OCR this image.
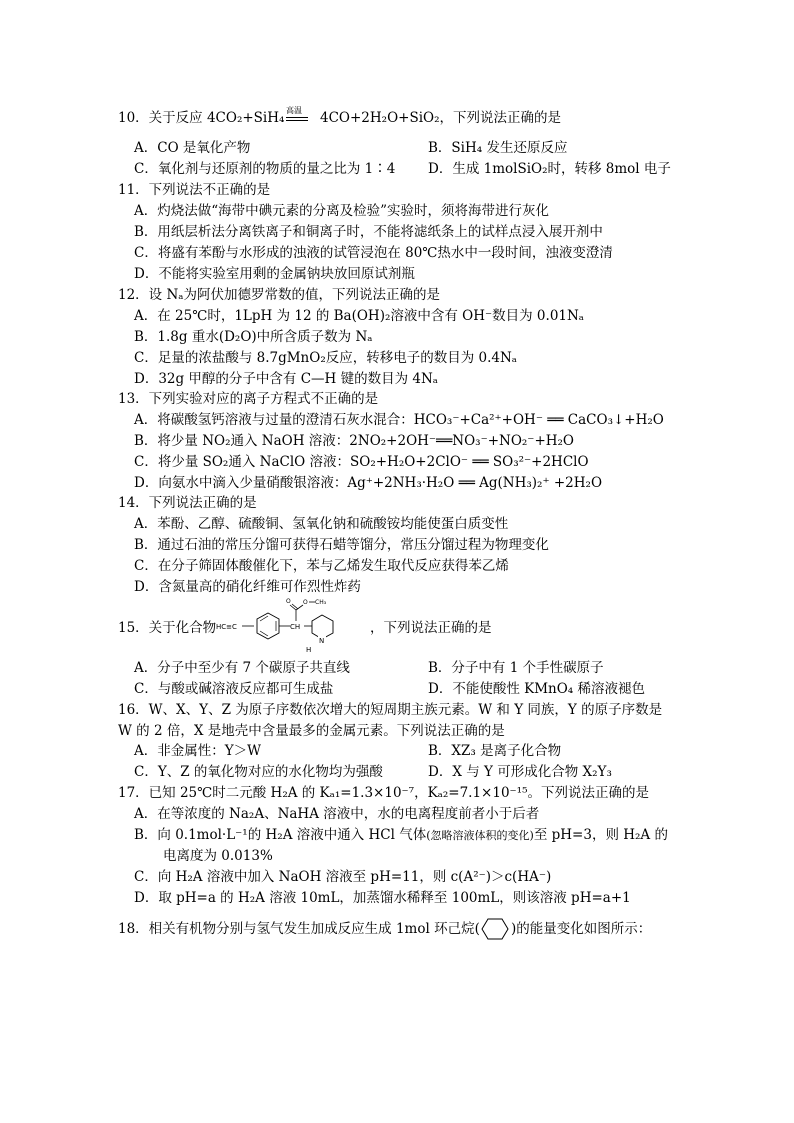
10．关于反应 4CO₂+SiH₄ 高温 4CO+2H₂O+SiO₂，下列说法正确的是
A．CO 是氧化产物	B．SiH₄ 发生还原反应
C．氧化剂与还原剂的物质的量之比为 1∶4 D．生成 1molSiO₂时，转移 8mol 电子
11．下列说法不正确的是
A．灼烧法做“海带中碘元素的分离及检验”实验时，须将海带进行灰化
B．用纸层析法分离铁离子和铜离子时，不能将滤纸条上的试样点浸入展开剂中
C．将盛有苯酚与水形成的浊液的试管浸泡在 80℃热水中一段时间，浊液变澄清
D．不能将实验室用剩的金属钠块放回原试剂瓶
12．设 Nₐ为阿伏加德罗常数的值，下列说法正确的是
A．在 25℃时，1LpH 为 12 的 Ba(OH)₂溶液中含有 OH⁻数目为 0.01Nₐ
B．1.8g 重水(D₂O)中所含质子数为 Nₐ
C．足量的浓盐酸与 8.7gMnO₂反应，转移电子的数目为 0.4Nₐ
D．32g 甲醇的分子中含有 C—H 键的数目为 4Nₐ
13．下列实验对应的离子方程式不正确的是
A．将碳酸氢钙溶液与过量的澄清石灰水混合：HCO₃⁻+Ca²⁺+OH⁻ ══ CaCO₃↓+H₂O
B．将少量 NO₂通入 NaOH 溶液：2NO₂+2OH⁻══NO₃⁻+NO₂⁻+H₂O
C．将少量 SO₂通入 NaClO 溶液：SO₂+H₂O+2ClO⁻ ══ SO₃²⁻+2HClO
D．向氨水中滴入少量硝酸银溶液：Ag⁺+2NH₃·H₂O ══ Ag(NH₃)₂⁺ +2H₂O
14．下列说法正确的是
A．苯酚、乙醇、硫酸铜、氢氧化钠和硫酸铵均能使蛋白质变性
B．通过石油的常压分馏可获得石蜡等馏分，常压分馏过程为物理变化
C．在分子筛固体酸催化下，苯与乙烯发生取代反应获得苯乙烯
D．含氮量高的硝化纤维可作烈性炸药
15．关于化合物 HC≡C	CH
O O CH₃
N
H
，下列说法正确的是
A．分子中至少有 7 个碳原子共直线	B．分子中有 1 个手性碳原子
C．与酸或碱溶液反应都可生成盐	D．不能使酸性 KMnO₄ 稀溶液褪色
16．W、X、Y、Z 为原子序数依次增大的短周期主族元素。W 和 Y 同族，Y 的原子序数是
W 的 2 倍，X 是地壳中含量最多的金属元素。下列说法正确的是
A．非金属性：Y＞W	B．XZ₃ 是离子化合物
C．Y、Z 的氧化物对应的水化物均为强酸	D．X 与 Y 可形成化合物 X₂Y₃
17．已知 25℃时二元酸 H₂A 的 Kₐ₁=1.3×10⁻⁷，Kₐ₂=7.1×10⁻¹⁵。下列说法正确的是
A．在等浓度的 Na₂A、NaHA 溶液中，水的电离程度前者小于后者
B．向 0.1mol·L⁻¹的 H₂A 溶液中通入 HCl 气体(忽略溶液体积的变化)至 pH=3，则 H₂A 的
电离度为 0.013%
C．向 H₂A 溶液中加入 NaOH 溶液至 pH=11，则 c(A²⁻)＞c(HA⁻)
D．取 pH=a 的 H₂A 溶液 10mL，加蒸馏水稀释至 100mL，则该溶液 pH=a+1
18．相关有机物分别与氢气发生加成反应生成 1mol 环己烷( )的能量变化如图所示：
